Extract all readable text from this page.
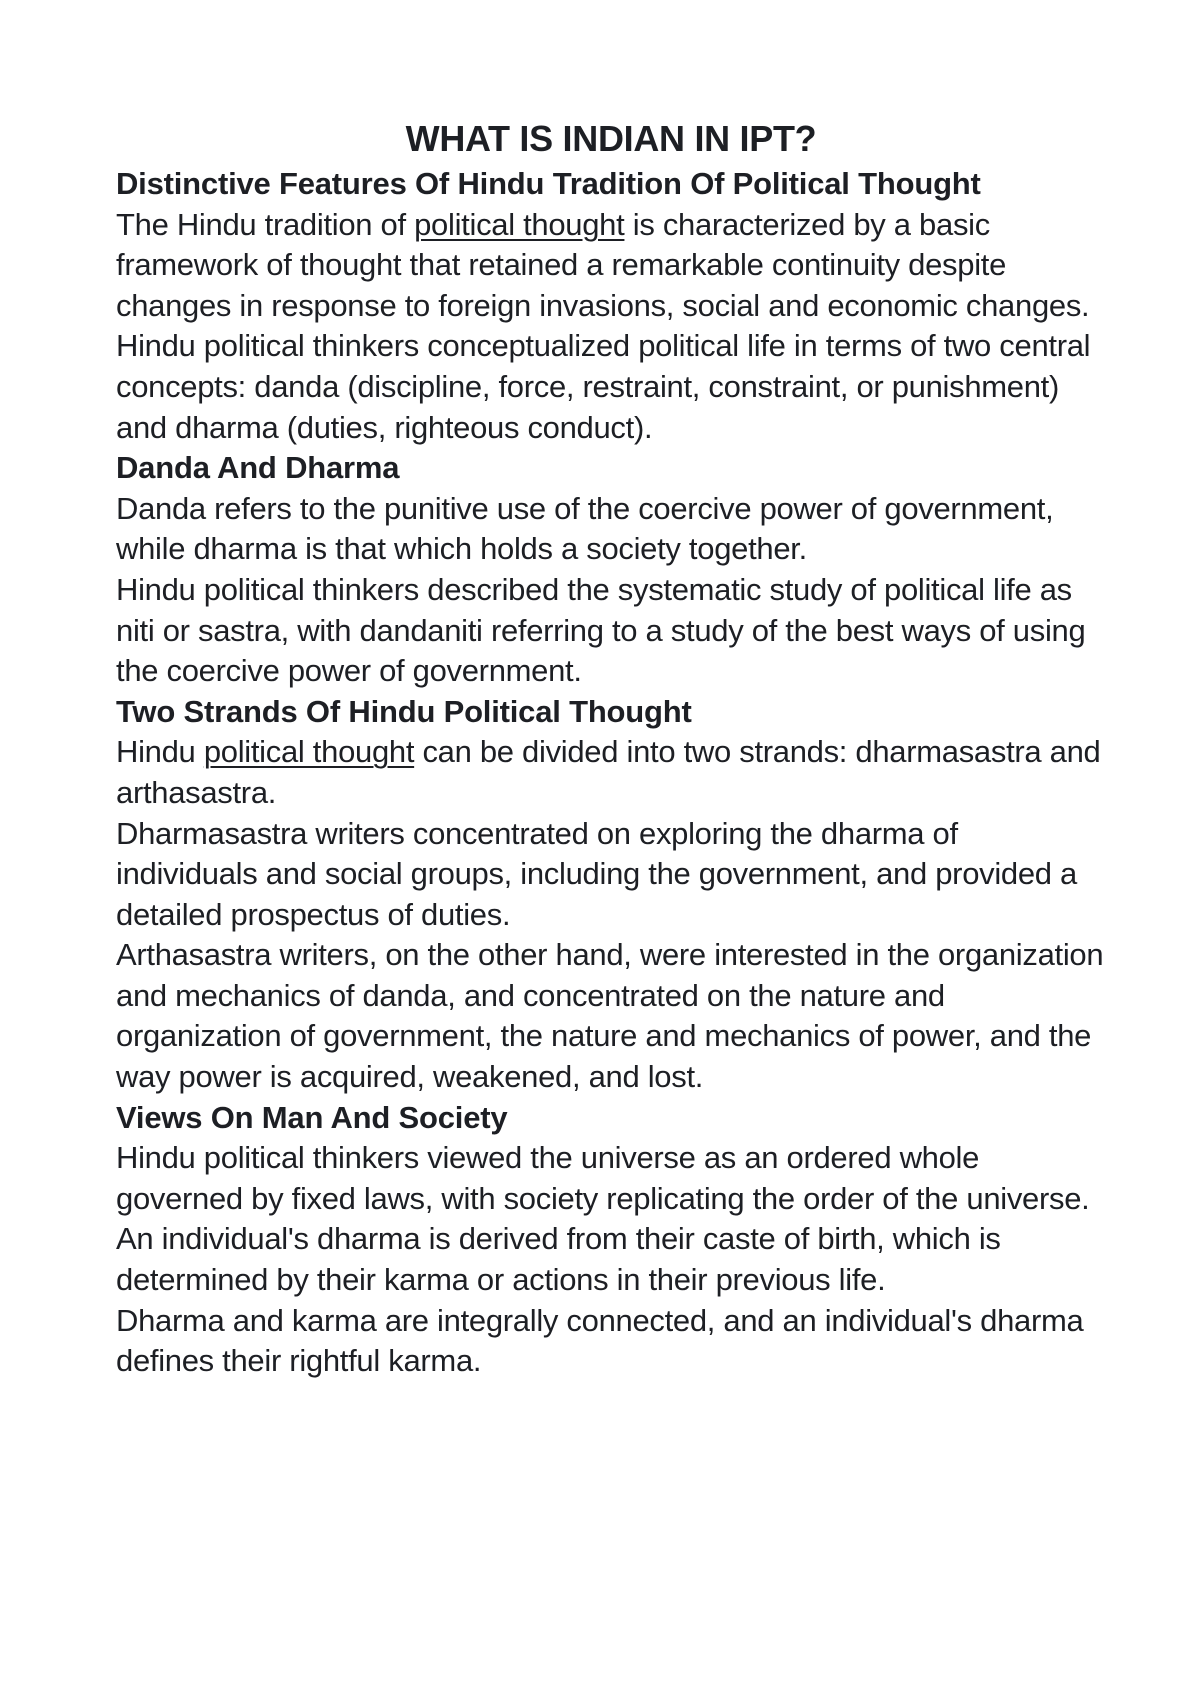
WHAT IS INDIAN IN IPT?
Distinctive Features Of Hindu Tradition Of Political Thought

The Hindu tradition of political thought is characterized by a basic framework of thought that retained a remarkable continuity despite changes in response to foreign invasions, social and economic changes.

Hindu political thinkers conceptualized political life in terms of two central concepts: danda (discipline, force, restraint, constraint, or punishment) and dharma (duties, righteous conduct).

Danda And Dharma

Danda refers to the punitive use of the coercive power of government, while dharma is that which holds a society together.

Hindu political thinkers described the systematic study of political life as niti or sastra, with dandaniti referring to a study of the best ways of using the coercive power of government.

Two Strands Of Hindu Political Thought

Hindu political thought can be divided into two strands: dharmasastra and arthasastra.

Dharmasastra writers concentrated on exploring the dharma of individuals and social groups, including the government, and provided a detailed prospectus of duties.

Arthasastra writers, on the other hand, were interested in the organization and mechanics of danda, and concentrated on the nature and organization of government, the nature and mechanics of power, and the way power is acquired, weakened, and lost.

Views On Man And Society

Hindu political thinkers viewed the universe as an ordered whole governed by fixed laws, with society replicating the order of the universe.

An individual's dharma is derived from their caste of birth, which is determined by their karma or actions in their previous life.

Dharma and karma are integrally connected, and an individual's dharma defines their rightful karma.
